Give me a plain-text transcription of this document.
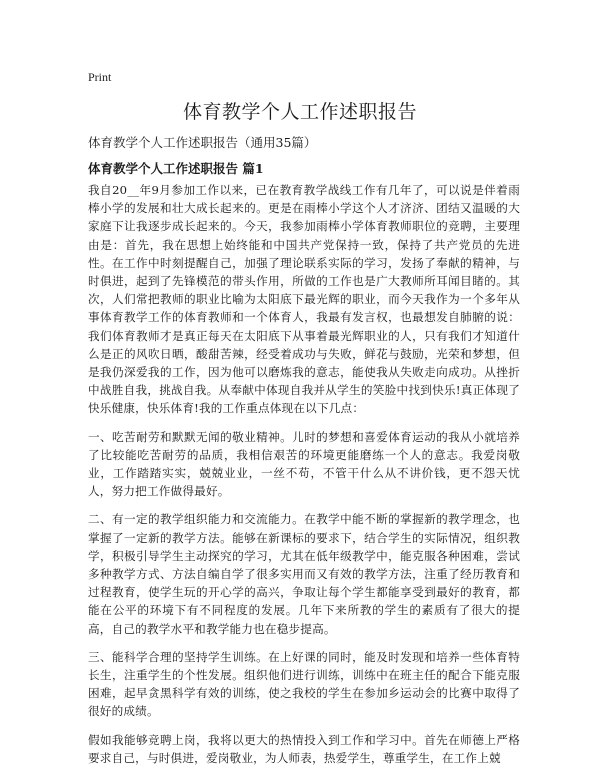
Print
体育教学个人工作述职报告

体育教学个人工作述职报告（通用35篇）

体育教学个人工作述职报告 篇1

我自20__年9月参加工作以来，已在教育教学战线工作有几年了，可以说是伴着雨棒小学的发展和壮大成长起来的。更是在雨棒小学这个人才济济、团结又温暖的大家庭下让我逐步成长起来的。今天，我参加雨棒小学体育教师职位的竞聘，主要理由是：首先，我在思想上始终能和中国共产党保持一致，保持了共产党员的先进性。在工作中时刻提醒自己，加强了理论联系实际的学习，发扬了奉献的精神，与时俱进，起到了先锋模范的带头作用，所做的工作也是广大教师所耳闻目睹的。其次，人们常把教师的职业比喻为太阳底下最光辉的职业，而今天我作为一个多年从事体育教学工作的体育教师和一个体育人，我最有发言权，也最想发自肺腑的说：我们体育教师才是真正每天在太阳底下从事着最光辉职业的人，只有我们才知道什么是正的风吹日晒，酸甜苦辣，经受着成功与失败，鲜花与鼓励，光荣和梦想，但是我仍深爱我的工作，因为他可以磨炼我的意志，能使我从失败走向成功。从挫折中战胜自我，挑战自我。从奉献中体现自我并从学生的笑脸中找到快乐!真正体现了快乐健康，快乐体育!我的工作重点体现在以下几点：

一、吃苦耐劳和默默无闻的敬业精神。儿时的梦想和喜爱体育运动的我从小就培养了比较能吃苦耐劳的品质，我相信艰苦的环境更能磨练一个人的意志。我爱岗敬业，工作踏踏实实，兢兢业业，一丝不苟，不管干什么从不讲价钱，更不怨天忧人，努力把工作做得最好。

二、有一定的教学组织能力和交流能力。在教学中能不断的掌握新的教学理念，也掌握了一定新的教学方法。能够在新课标的要求下，结合学生的实际情况，组织教学，积极引导学生主动探究的学习，尤其在低年级教学中，能克服各种困难，尝试多种教学方式、方法自编自学了很多实用而又有效的教学方法，注重了经历教育和过程教育，使学生玩的开心学的高兴，争取让每个学生都能享受到最好的教育，都能在公平的环境下有不同程度的发展。几年下来所教的学生的素质有了很大的提高，自己的教学水平和教学能力也在稳步提高。

三、能科学合理的坚持学生训练。在上好课的同时，能及时发现和培养一些体育特长生，注重学生的个性发展。组织他们进行训练，训练中在班主任的配合下能克服困难，起早贪黑科学有效的训练，使之我校的学生在参加乡运动会的比赛中取得了很好的成绩。

假如我能够竞聘上岗，我将以更大的热情投入到工作和学习中。首先在师德上严格要求自己，与时俱进，爱岗敬业，为人师表，热爱学生，尊重学生，在工作上兢
